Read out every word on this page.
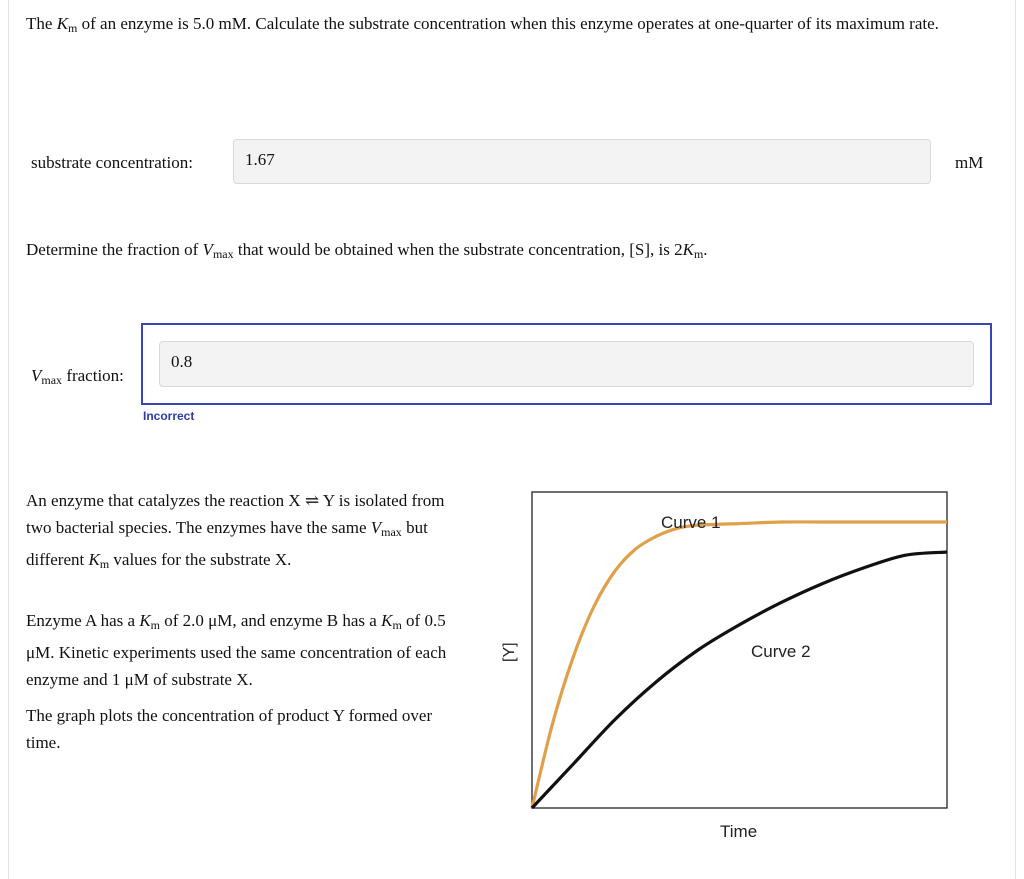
The $K_m$ of an enzyme is 5.0 mM. Calculate the substrate concentration when this enzyme operates at one-quarter of its maximum rate.
substrate concentration:	1.67	mM
Determine the fraction of $V_{max}$ that would be obtained when the substrate concentration, [S], is $2K_m$.
$V_{max}$ fraction:
0.8
Incorrect
An enzyme that catalyzes the reaction X ⇌ Y is isolated from two bacterial species. The enzymes have the same $V_{max}$ but different $K_m$ values for the substrate X.
Enzyme A has a $K_m$ of 2.0 μM, and enzyme B has a $K_m$ of 0.5 μM. Kinetic experiments used the same concentration of each enzyme and 1 μM of substrate X.
The graph plots the concentration of product Y formed over time.
Curve 1
Curve 2
Time
[Y]
